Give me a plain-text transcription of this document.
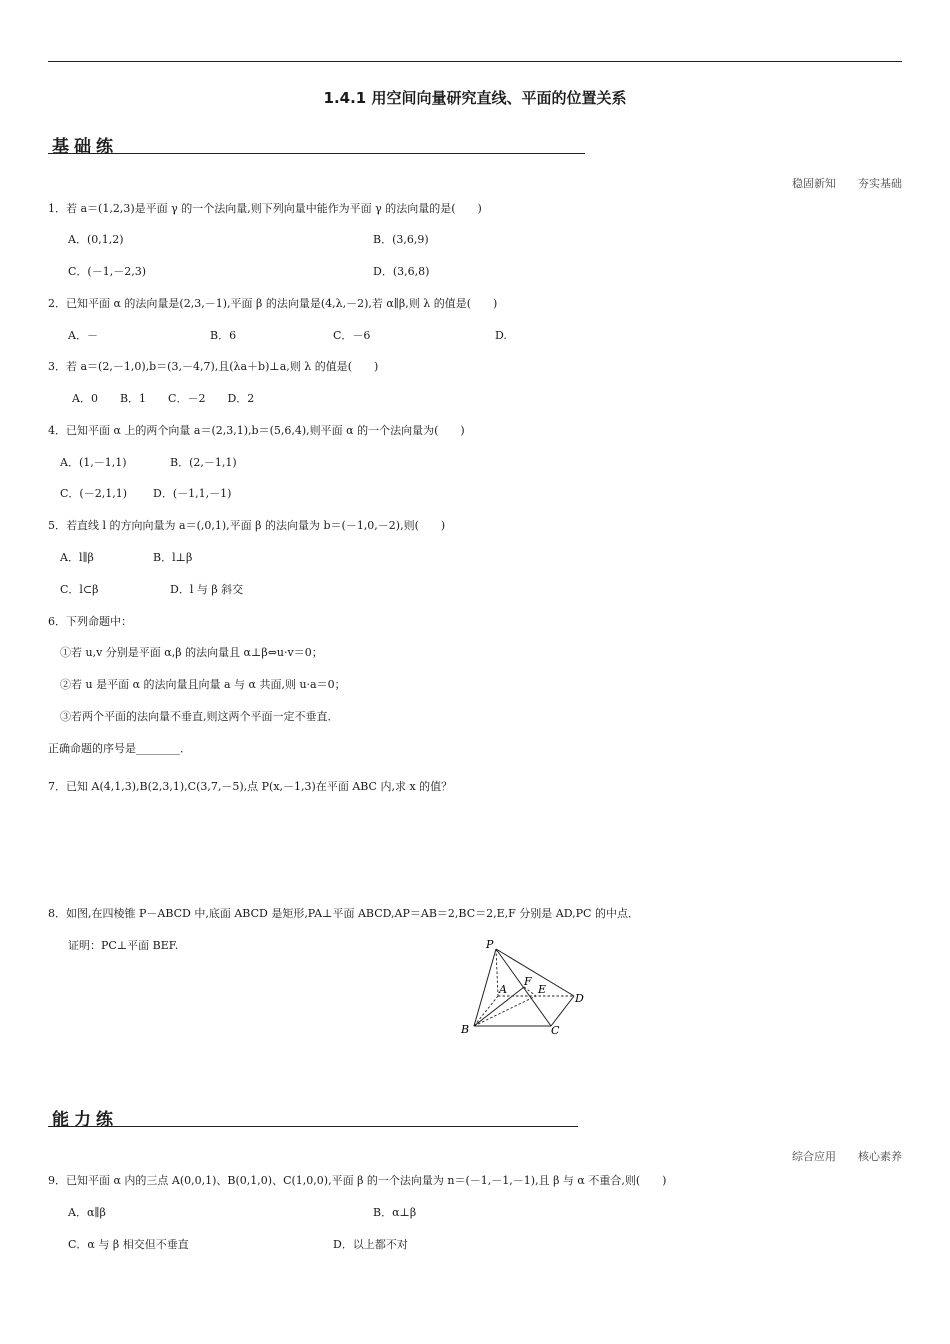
1.4.1 用空间向量研究直线、平面的位置关系
基础练
稳固新知 夯实基础
1．若 a＝(1,2,3)是平面 γ 的一个法向量,则下列向量中能作为平面 γ 的法向量的是(　　)
A．(0,1,2)	B．(3,6,9)
C．(－1,－2,3)	D．(3,6,8)
2．已知平面 α 的法向量是(2,3,－1),平面 β 的法向量是(4,λ,－2),若 α∥β,则 λ 的值是(　　)
A．－	B．6	C．－6	D.
3．若 a＝(2,－1,0),b＝(3,－4,7),且(λa＋b)⊥a,则 λ 的值是(　　)
A．0　　B．1　　C．－2　　D．2
4．已知平面 α 上的两个向量 a＝(2,3,1),b＝(5,6,4),则平面 α 的一个法向量为(　　)
A．(1,－1,1)	B．(2,－1,1)
C．(－2,1,1) D．(－1,1,－1)
5．若直线 l 的方向向量为 a＝(,0,1),平面 β 的法向量为 b＝(－1,0,－2),则(　　)
A．l∥β	B．l⊥β
C．l⊂β	D．l 与 β 斜交
6．下列命题中：
①若 u,v 分别是平面 α,β 的法向量且 α⊥β⇔u·v＝0；
②若 u 是平面 α 的法向量且向量 a 与 α 共面,则 u·a＝0；
③若两个平面的法向量不垂直,则这两个平面一定不垂直．
正确命题的序号是________．
7．已知 A(4,1,3),B(2,3,1),C(3,7,－5),点 P(x,－1,3)在平面 ABC 内,求 x 的值？
8．如图,在四棱锥 P－ABCD 中,底面 ABCD 是矩形,PA⊥平面 ABCD,AP＝AB＝2,BC＝2,E,F 分别是 AD,PC 的中点．
证明：PC⊥平面 BEF.	P
A
B	C
D
E
F
能力练
综合应用 核心素养
9．已知平面 α 内的三点 A(0,0,1)、B(0,1,0)、C(1,0,0),平面 β 的一个法向量为 n＝(－1,－1,－1),且 β 与 α 不重合,则(　　)
A．α∥β	B．α⊥β
C．α 与 β 相交但不垂直	D．以上都不对
